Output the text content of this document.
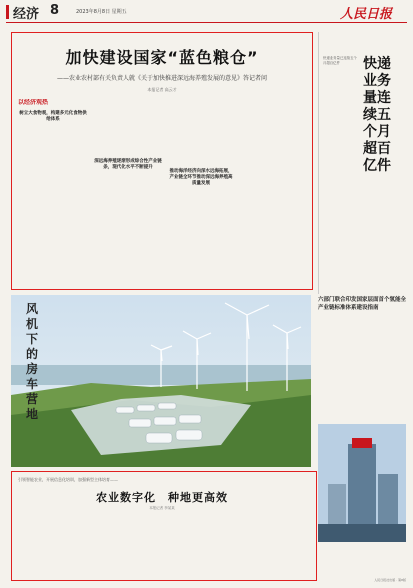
经济 8	2023年8月8日 星期五	人民日报
加快建设国家“蓝色粮仓”
——农业农村部有关负责人就《关于加快推进深远海养殖发展的意见》答记者问
本报记者 高云才
以经济观热
树立大食物观，构建多元化食物供给体系
深远海养殖逐渐形成综合性产业链条，现代化水平不断提升
推动海洋经济向深水远海拓展，产业链全环节推动深远海养殖高质量发展
快递业务量连续五个月超百亿件
快递业务量已连续五个月超百亿件
六部门联合印发国家层面首个氢能全产业链标准体系建设指南
风机下的房车营地
引领智能农业，开展信息化培训，加强新型主体培育——
农业数字化　种地更高效
本报记者 李某某
人民日报社出版 · 第8版
